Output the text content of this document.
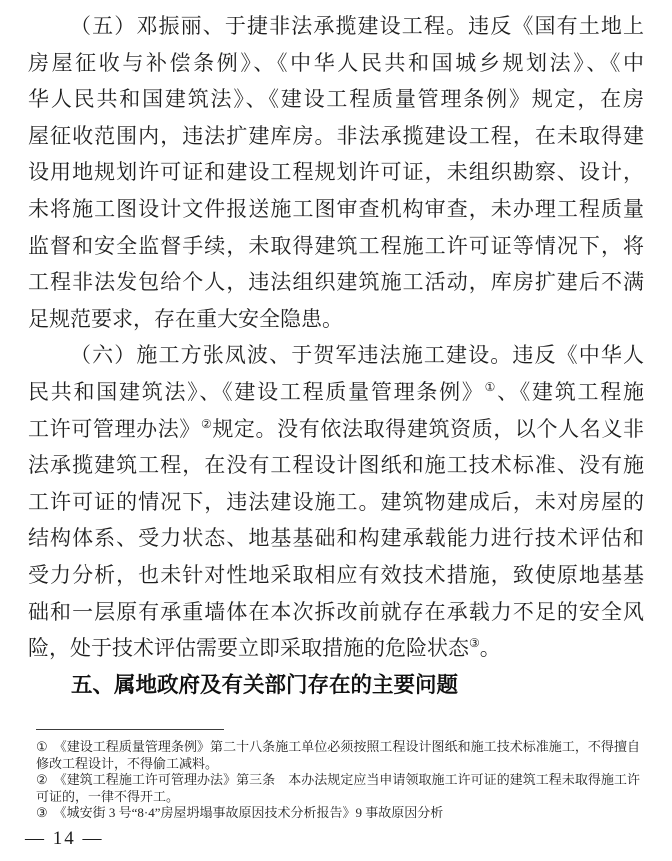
（五）邓振丽、于捷非法承揽建设工程。违反《国有土地上
房屋征收与补偿条例》、《中华人民共和国城乡规划法》、《中
华人民共和国建筑法》、《建设工程质量管理条例》规定，在房
屋征收范围内，违法扩建库房。非法承揽建设工程，在未取得建
设用地规划许可证和建设工程规划许可证，未组织勘察、设计，
未将施工图设计文件报送施工图审查机构审查，未办理工程质量
监督和安全监督手续，未取得建筑工程施工许可证等情况下，将
工程非法发包给个人，违法组织建筑施工活动，库房扩建后不满
足规范要求，存在重大安全隐患。
（六）施工方张凤波、于贺军违法施工建设。违反《中华人
民共和国建筑法》、《建设工程质量管理条例》①、《建筑工程施
工许可管理办法》②规定。没有依法取得建筑资质，以个人名义非
法承揽建筑工程，在没有工程设计图纸和施工技术标准、没有施
工许可证的情况下，违法建设施工。建筑物建成后，未对房屋的
结构体系、受力状态、地基基础和构建承载能力进行技术评估和
受力分析，也未针对性地采取相应有效技术措施，致使原地基基
础和一层原有承重墙体在本次拆改前就存在承载力不足的安全风
险，处于技术评估需要立即采取措施的危险状态③。
五、属地政府及有关部门存在的主要问题
① 《建设工程质量管理条例》第二十八条施工单位必须按照工程设计图纸和施工技术标准施工，不得擅自修改工程设计，不得偷工减料。
② 《建筑工程施工许可管理办法》第三条　本办法规定应当申请领取施工许可证的建筑工程未取得施工许可证的，一律不得开工。
③ 《城安街 3 号“8·4”房屋坍塌事故原因技术分析报告》9 事故原因分析
— 14 —
